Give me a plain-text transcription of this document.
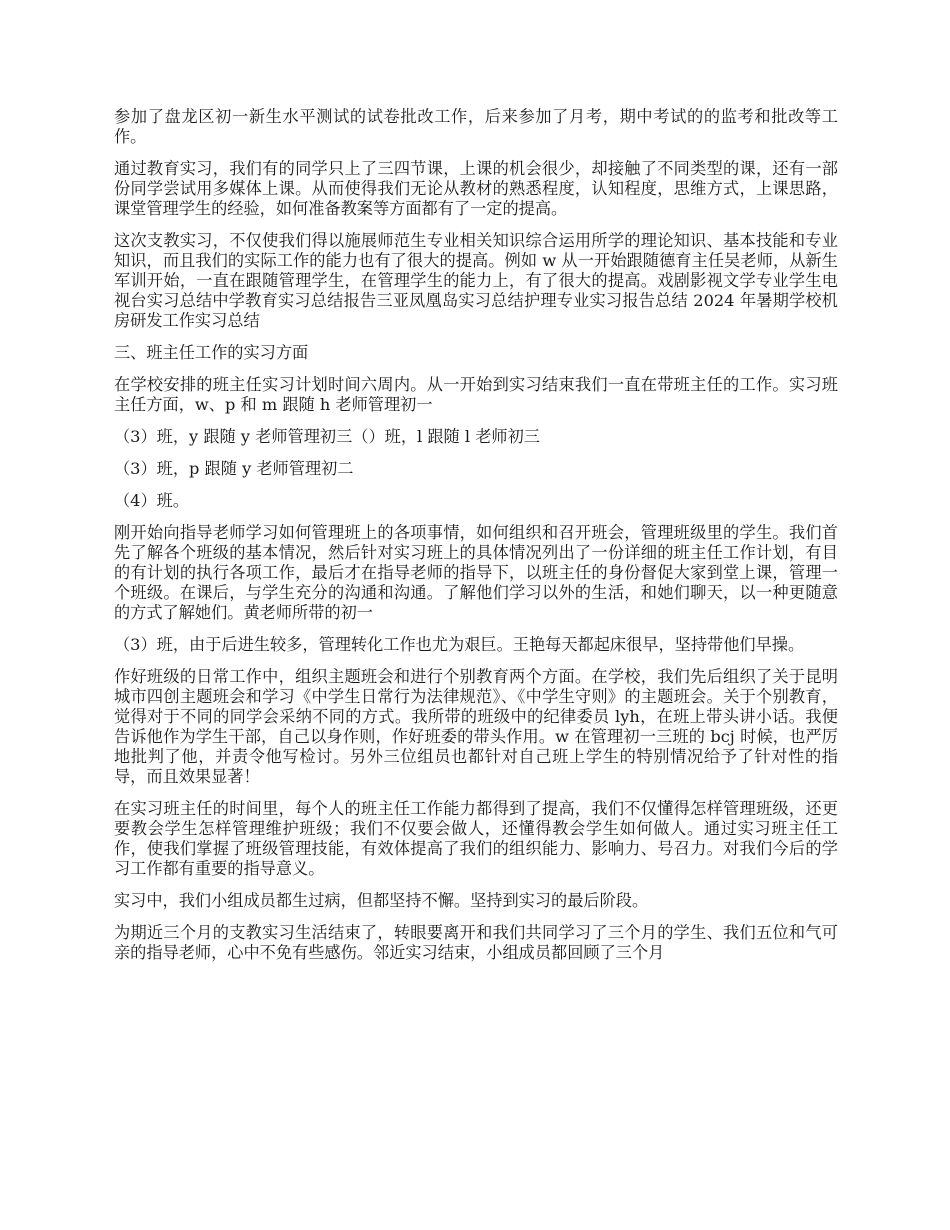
参加了盘龙区初一新生水平测试的试卷批改工作，后来参加了月考，期中考试的的监考和批改等工作。

通过教育实习，我们有的同学只上了三四节课，上课的机会很少，却接触了不同类型的课，还有一部份同学尝试用多媒体上课。从而使得我们无论从教材的熟悉程度，认知程度，思维方式，上课思路，课堂管理学生的经验，如何准备教案等方面都有了一定的提高。

这次支教实习，不仅使我们得以施展师范生专业相关知识综合运用所学的理论知识、基本技能和专业知识，而且我们的实际工作的能力也有了很大的提高。例如 w 从一开始跟随德育主任吴老师，从新生军训开始，一直在跟随管理学生，在管理学生的能力上，有了很大的提高。戏剧影视文学专业学生电视台实习总结中学教育实习总结报告三亚凤凰岛实习总结护理专业实习报告总结 2024 年暑期学校机房研发工作实习总结

三、班主任工作的实习方面

在学校安排的班主任实习计划时间六周内。从一开始到实习结束我们一直在带班主任的工作。实习班主任方面，w、p 和 m 跟随 h 老师管理初一

（3）班，y 跟随 y 老师管理初三（）班，l 跟随 l 老师初三

（3）班，p 跟随 y 老师管理初二

（4）班。

刚开始向指导老师学习如何管理班上的各项事情，如何组织和召开班会，管理班级里的学生。我们首先了解各个班级的基本情况，然后针对实习班上的具体情况列出了一份详细的班主任工作计划，有目的有计划的执行各项工作，最后才在指导老师的指导下，以班主任的身份督促大家到堂上课，管理一个班级。在课后，与学生充分的沟通和沟通。了解他们学习以外的生活，和她们聊天，以一种更随意的方式了解她们。黄老师所带的初一

（3）班，由于后进生较多，管理转化工作也尤为艰巨。王艳每天都起床很早，坚持带他们早操。

作好班级的日常工作中，组织主题班会和进行个别教育两个方面。在学校，我们先后组织了关于昆明城市四创主题班会和学习《中学生日常行为法律规范》、《中学生守则》的主题班会。关于个别教育，觉得对于不同的同学会采纳不同的方式。我所带的班级中的纪律委员 lyh，在班上带头讲小话。我便告诉他作为学生干部，自己以身作则，作好班委的带头作用。w 在管理初一三班的 bcj 时候，也严厉地批判了他，并责令他写检讨。另外三位组员也都针对自己班上学生的特别情况给予了针对性的指导，而且效果显著！

在实习班主任的时间里，每个人的班主任工作能力都得到了提高，我们不仅懂得怎样管理班级，还更要教会学生怎样管理维护班级；我们不仅要会做人，还懂得教会学生如何做人。通过实习班主任工作，使我们掌握了班级管理技能，有效体提高了我们的组织能力、影响力、号召力。对我们今后的学习工作都有重要的指导意义。

实习中，我们小组成员都生过病，但都坚持不懈。坚持到实习的最后阶段。

为期近三个月的支教实习生活结束了，转眼要离开和我们共同学习了三个月的学生、我们五位和气可亲的指导老师，心中不免有些感伤。邻近实习结束，小组成员都回顾了三个月
